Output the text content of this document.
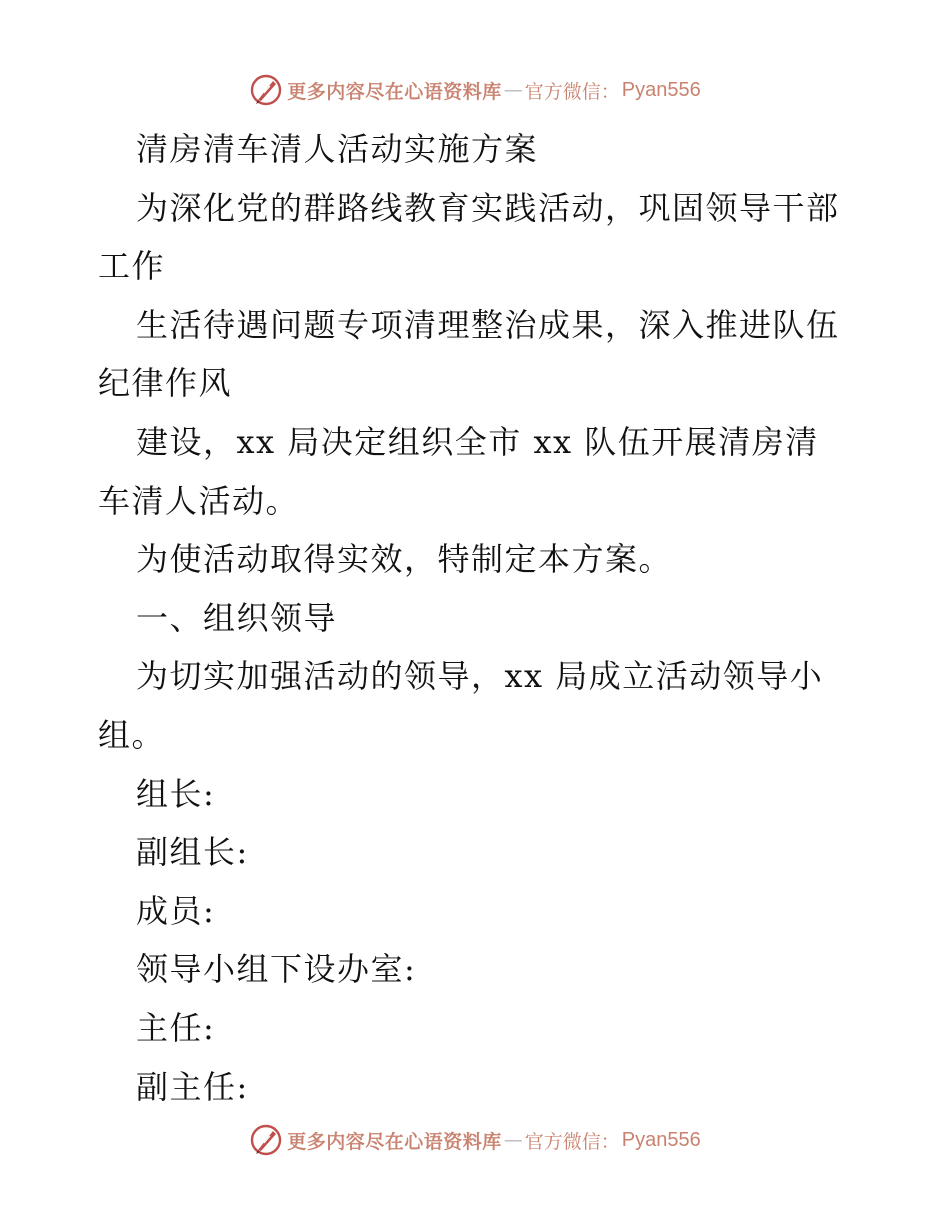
更多内容尽在心语资料库 — 官方微信： Pyan556
清房清车清人活动实施方案
为深化党的群路线教育实践活动，巩固领导干部
工作
生活待遇问题专项清理整治成果，深入推进队伍
纪律作风
建设，xx 局决定组织全市 xx 队伍开展清房清
车清人活动。
为使活动取得实效，特制定本方案。
一、组织领导
为切实加强活动的领导，xx 局成立活动领导小
组。
组长:
副组长:
成员:
领导小组下设办室:
主任:
副主任:
更多内容尽在心语资料库 — 官方微信： Pyan556
